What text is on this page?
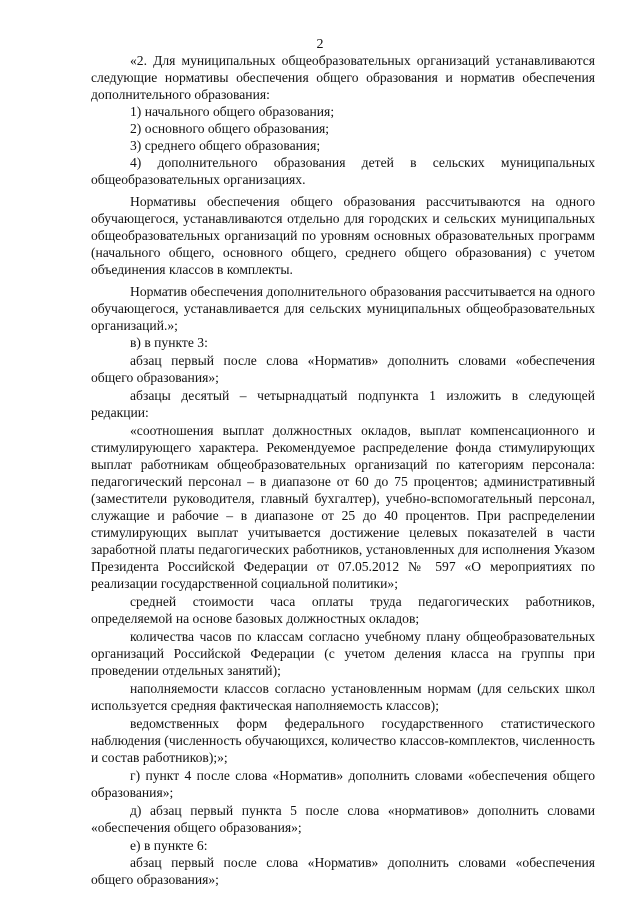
2

«2. Для муниципальных общеобразовательных организаций устанавливаются следующие нормативы обеспечения общего образования и норматив обеспечения дополнительного образования:

1) начального общего образования;

2) основного общего образования;

3) среднего общего образования;

4) дополнительного образования детей в сельских муниципальных общеобразовательных организациях.

Нормативы обеспечения общего образования рассчитываются на одного обучающегося, устанавливаются отдельно для городских и сельских муниципальных общеобразовательных организаций по уровням основных образовательных программ (начального общего, основного общего, среднего общего образования) с учетом объединения классов в комплекты.

Норматив обеспечения дополнительного образования рассчитывается на одного обучающегося, устанавливается для сельских муниципальных общеобразовательных организаций.»;

в) в пункте 3:

абзац первый после слова «Норматив» дополнить словами «обеспечения общего образования»;

абзацы десятый – четырнадцатый подпункта 1 изложить в следующей редакции:

«соотношения выплат должностных окладов, выплат компенсационного и стимулирующего характера. Рекомендуемое распределение фонда стимулирующих выплат работникам общеобразовательных организаций по категориям персонала: педагогический персонал – в диапазоне от 60 до 75 процентов; административный (заместители руководителя, главный бухгалтер), учебно-вспомогательный персонал, служащие и рабочие – в диапазоне от 25 до 40 процентов. При распределении стимулирующих выплат учитывается достижение целевых показателей в части заработной платы педагогических работников, установленных для исполнения Указом Президента Российской Федерации от 07.05.2012 № 597 «О мероприятиях по реализации государственной социальной политики»;

средней стоимости часа оплаты труда педагогических работников, определяемой на основе базовых должностных окладов;

количества часов по классам согласно учебному плану общеобразовательных организаций Российской Федерации (с учетом деления класса на группы при проведении отдельных занятий);

наполняемости классов согласно установленным нормам (для сельских школ используется средняя фактическая наполняемость классов);

ведомственных форм федерального государственного статистического наблюдения (численность обучающихся, количество классов-комплектов, численность и состав работников);»;

г) пункт 4 после слова «Норматив» дополнить словами «обеспечения общего образования»;

д) абзац первый пункта 5 после слова «нормативов» дополнить словами «обеспечения общего образования»;

е) в пункте 6:

абзац первый после слова «Норматив» дополнить словами «обеспечения общего образования»;
